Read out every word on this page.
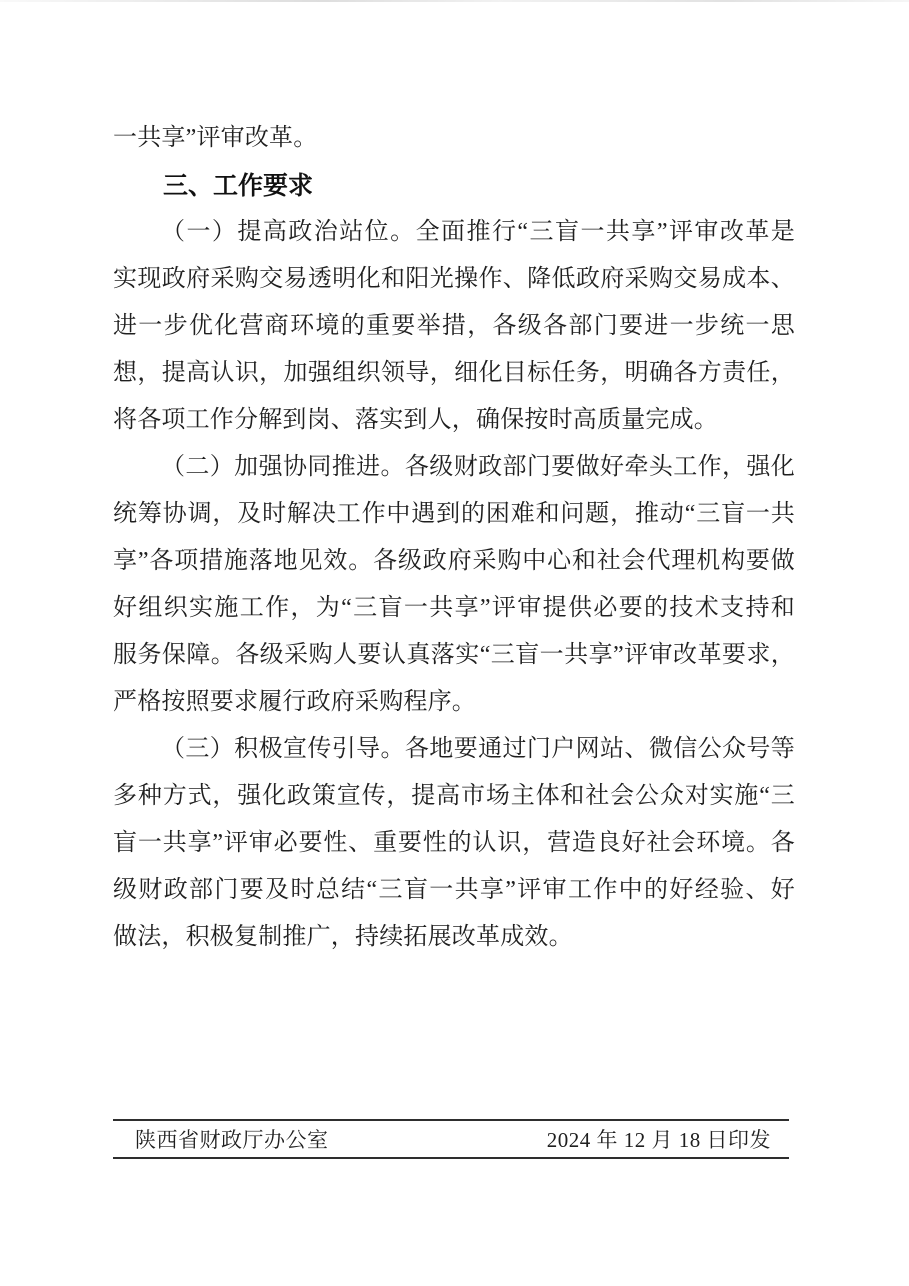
一共享”评审改革。
三、工作要求
（一）提高政治站位。全面推行“三盲一共享”评审改革是
实现政府采购交易透明化和阳光操作、降低政府采购交易成本、
进一步优化营商环境的重要举措，各级各部门要进一步统一思
想，提高认识，加强组织领导，细化目标任务，明确各方责任，
将各项工作分解到岗、落实到人，确保按时高质量完成。
（二）加强协同推进。各级财政部门要做好牵头工作，强化
统筹协调，及时解决工作中遇到的困难和问题，推动“三盲一共
享”各项措施落地见效。各级政府采购中心和社会代理机构要做
好组织实施工作，为“三盲一共享”评审提供必要的技术支持和
服务保障。各级采购人要认真落实“三盲一共享”评审改革要求，
严格按照要求履行政府采购程序。
（三）积极宣传引导。各地要通过门户网站、微信公众号等
多种方式，强化政策宣传，提高市场主体和社会公众对实施“三
盲一共享”评审必要性、重要性的认识，营造良好社会环境。各
级财政部门要及时总结“三盲一共享”评审工作中的好经验、好
做法，积极复制推广，持续拓展改革成效。
陕西省财政厅办公室	2024 年 12 月 18 日印发
